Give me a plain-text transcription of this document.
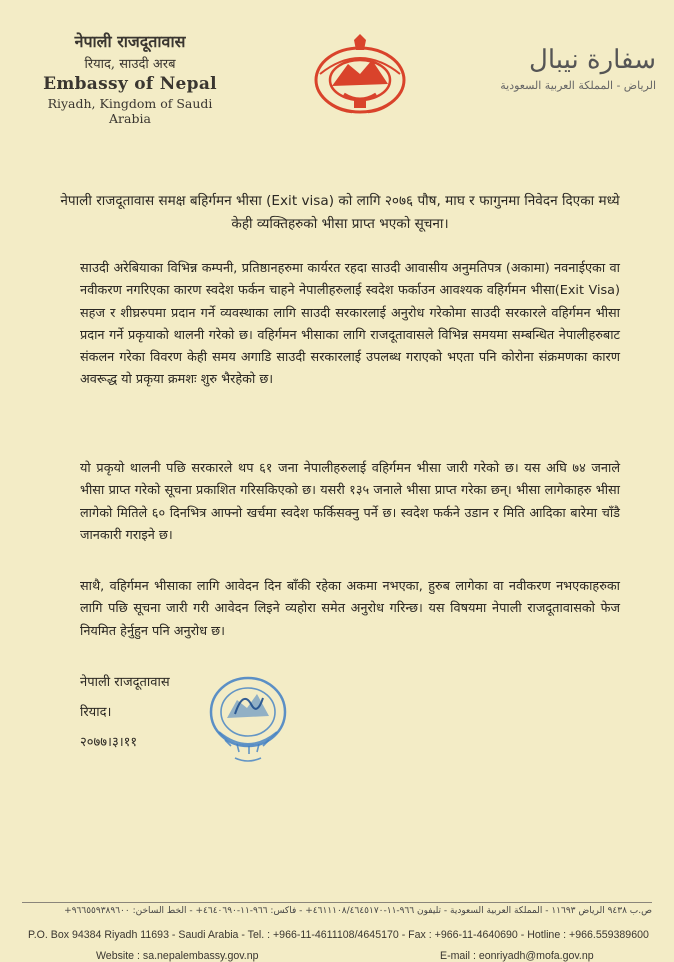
नेपाली राजदूतावास
रियाद, साउदी अरब
Embassy of Nepal
Riyadh, Kingdom of Saudi Arabia
سفارة نيبال
الرياض - المملكة العربية السعودية
नेपाली राजदूतावास समक्ष बहिर्गमन भीसा (Exit visa) को लागि २०७६ पौष, माघ र फागुनमा निवेदन दिएका मध्ये केही व्यक्तिहरुको भीसा प्राप्त भएको सूचना।
साउदी अरेबियाका विभिन्न कम्पनी, प्रतिष्ठानहरुमा कार्यरत रहदा साउदी आवासीय अनुमतिपत्र (अकामा) नवनाईएका वा नवीकरण नगरिएका कारण स्वदेश फर्कन चाहने नेपालीहरुलाई स्वदेश फर्काउन आवश्यक वहिर्गमन भीसा(Exit Visa) सहज र शीघ्ररुपमा प्रदान गर्ने व्यवस्थाका लागि साउदी सरकारलाई अनुरोध गरेकोमा साउदी सरकारले वहिर्गमन भीसा प्रदान गर्ने प्रकृयाको थालनी गरेको छ। वहिर्गमन भीसाका लागि राजदूतावासले विभिन्न समयमा सम्बन्धित नेपालीहरुबाट संकलन गरेका विवरण केही समय अगाडि साउदी सरकारलाई उपलब्ध गराएको भएता पनि कोरोना संक्रमणका कारण अवरूद्ध यो प्रकृया क्रमशः शुरु भैरहेको छ।
यो प्रकृयो थालनी पछि सरकारले थप ६१ जना नेपालीहरुलाई वहिर्गमन भीसा जारी गरेको छ। यस अघि ७४ जनाले भीसा प्राप्त गरेको सूचना प्रकाशित गरिसकिएको छ। यसरी १३५ जनाले भीसा प्राप्त गरेका छन्। भीसा लागेकाहरु भीसा लागेको मितिले ६० दिनभित्र आफ्नो खर्चमा स्वदेश फर्किसक्नु पर्ने छ। स्वदेश फर्कने उडान र मिति आदिका बारेमा चाँडै जानकारी गराइने छ।
साथै, वहिर्गमन भीसाका लागि आवेदन दिन बाँकी रहेका अकमा नभएका, हुरुब लागेका वा नवीकरण नभएकाहरुका लागि पछि सूचना जारी गरी आवेदन लिइने व्यहोरा समेत अनुरोध गरिन्छ। यस विषयमा नेपाली राजदूतावासको फेज नियमित हेर्नुहुन पनि अनुरोध छ।
नेपाली राजदूतावास
रियाद।
२०७७।३।११
ص.ب ٩٤٣٨ الرياض ١١٦٩٣ - المملكة العربية السعودية - تليفون ٩٦٦-١١-٤٦١١١٠٨/٤٦٤٥١٧٠+ - فاكس: ٩٦٦-١١-٤٦٤٠٦٩٠+ - الخط الساخن: ٩٦٦٥٥٩٣٨٩٦٠٠+
P.O. Box 94384 Riyadh 11693 - Saudi Arabia - Tel. : +966-11-4611108/4645170 - Fax : +966-11-4640690 - Hotline : +966.559389600
Website : sa.nepalembassy.gov.np	E-mail : eonriyadh@mofa.gov.np
